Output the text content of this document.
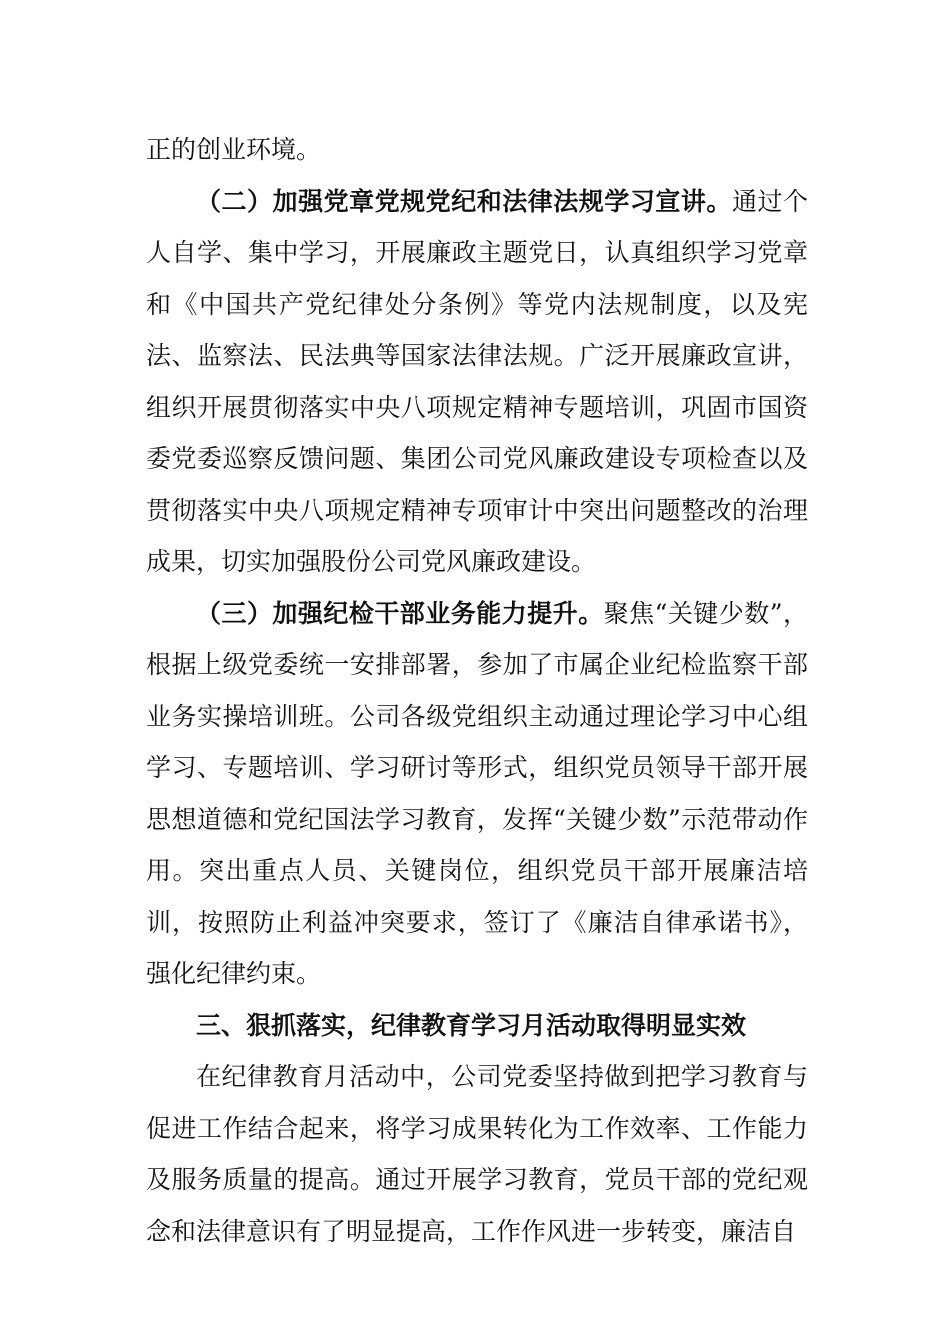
正的创业环境。

（二）加强党章党规党纪和法律法规学习宣讲。通过个人自学、集中学习，开展廉政主题党日，认真组织学习党章和《中国共产党纪律处分条例》等党内法规制度，以及宪法、监察法、民法典等国家法律法规。广泛开展廉政宣讲，组织开展贯彻落实中央八项规定精神专题培训，巩固市国资委党委巡察反馈问题、集团公司党风廉政建设专项检查以及贯彻落实中央八项规定精神专项审计中突出问题整改的治理成果，切实加强股份公司党风廉政建设。

（三）加强纪检干部业务能力提升。聚焦“关键少数”，根据上级党委统一安排部署，参加了市属企业纪检监察干部业务实操培训班。公司各级党组织主动通过理论学习中心组学习、专题培训、学习研讨等形式，组织党员领导干部开展思想道德和党纪国法学习教育，发挥“关键少数”示范带动作用。突出重点人员、关键岗位，组织党员干部开展廉洁培训，按照防止利益冲突要求，签订了《廉洁自律承诺书》，强化纪律约束。

三、狠抓落实，纪律教育学习月活动取得明显实效

在纪律教育月活动中，公司党委坚持做到把学习教育与促进工作结合起来，将学习成果转化为工作效率、工作能力及服务质量的提高。通过开展学习教育，党员干部的党纪观念和法律意识有了明显提高，工作作风进一步转变，廉洁自
